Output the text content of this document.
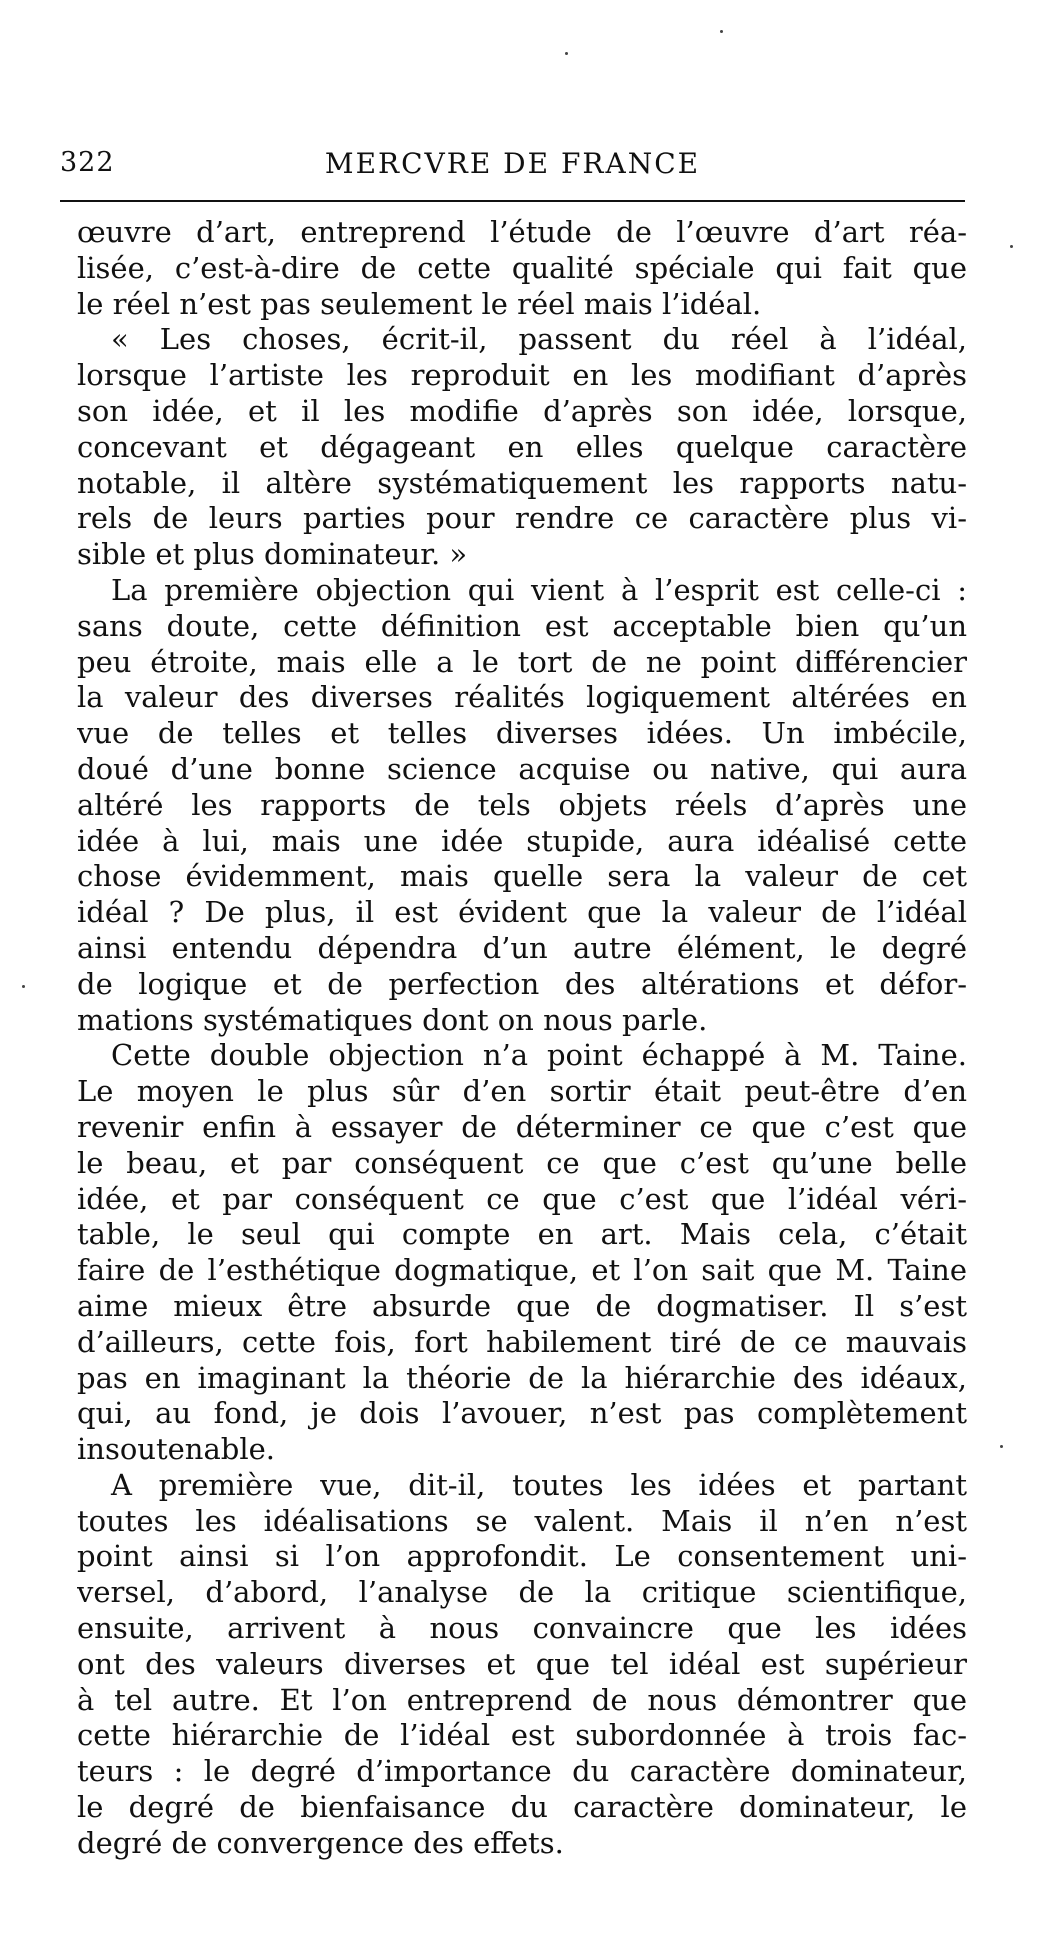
322	MERCVRE DE FRANCE
œuvre d’art, entreprend l’étude de l’œuvre d’art réa-
lisée, c’est-à-dire de cette qualité spéciale qui fait que
le réel n’est pas seulement le réel mais l’idéal.
« Les choses, écrit-il, passent du réel à l’idéal,
lorsque l’artiste les reproduit en les modifiant d’après
son idée, et il les modifie d’après son idée, lorsque,
concevant et dégageant en elles quelque caractère
notable, il altère systématiquement les rapports natu-
rels de leurs parties pour rendre ce caractère plus vi-
sible et plus dominateur. »
La première objection qui vient à l’esprit est celle-ci :
sans doute, cette définition est acceptable bien qu’un
peu étroite, mais elle a le tort de ne point différencier
la valeur des diverses réalités logiquement altérées en
vue de telles et telles diverses idées. Un imbécile,
doué d’une bonne science acquise ou native, qui aura
altéré les rapports de tels objets réels d’après une
idée à lui, mais une idée stupide, aura idéalisé cette
chose évidemment, mais quelle sera la valeur de cet
idéal ? De plus, il est évident que la valeur de l’idéal
ainsi entendu dépendra d’un autre élément, le degré
de logique et de perfection des altérations et défor-
mations systématiques dont on nous parle.
Cette double objection n’a point échappé à M. Taine.
Le moyen le plus sûr d’en sortir était peut-être d’en
revenir enfin à essayer de déterminer ce que c’est que
le beau, et par conséquent ce que c’est qu’une belle
idée, et par conséquent ce que c’est que l’idéal véri-
table, le seul qui compte en art. Mais cela, c’était
faire de l’esthétique dogmatique, et l’on sait que M. Taine
aime mieux être absurde que de dogmatiser. Il s’est
d’ailleurs, cette fois, fort habilement tiré de ce mauvais
pas en imaginant la théorie de la hiérarchie des idéaux,
qui, au fond, je dois l’avouer, n’est pas complètement
insoutenable.
A première vue, dit-il, toutes les idées et partant
toutes les idéalisations se valent. Mais il n’en n’est
point ainsi si l’on approfondit. Le consentement uni-
versel, d’abord, l’analyse de la critique scientifique,
ensuite, arrivent à nous convaincre que les idées
ont des valeurs diverses et que tel idéal est supérieur
à tel autre. Et l’on entreprend de nous démontrer que
cette hiérarchie de l’idéal est subordonnée à trois fac-
teurs : le degré d’importance du caractère dominateur,
le degré de bienfaisance du caractère dominateur, le
degré de convergence des effets.
